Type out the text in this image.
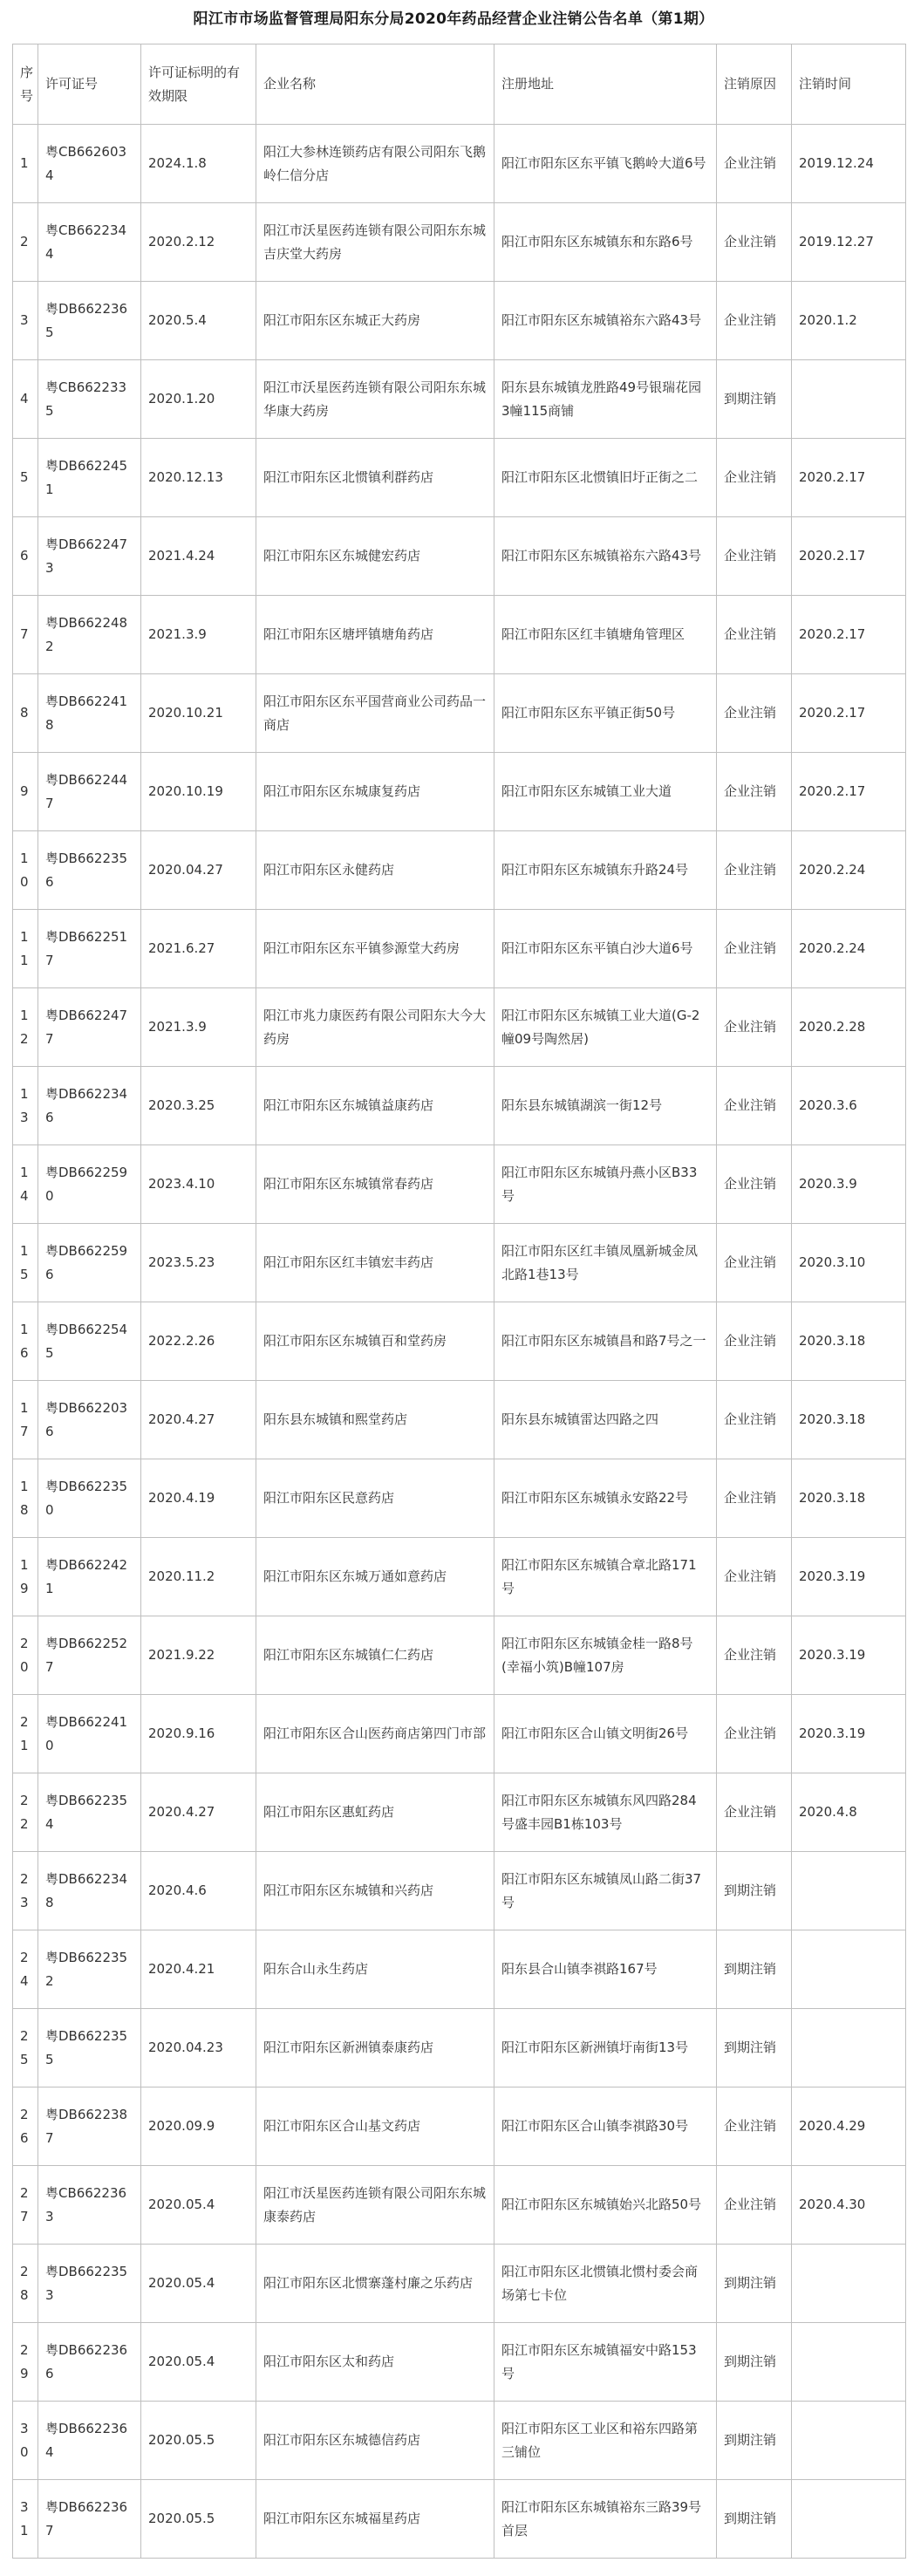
阳江市市场监督管理局阳东分局2020年药品经营企业注销公告名单（第1期）
序号	许可证号	许可证标明的有效期限	企业名称	注册地址	注销原因	注销时间
1	粤CB6626034	2024.1.8	阳江大参林连锁药店有限公司阳东飞鹅岭仁信分店	阳江市阳东区东平镇飞鹅岭大道6号	企业注销	2019.12.24
2	粤CB6622344	2020.2.12	阳江市沃星医药连锁有限公司阳东东城吉庆堂大药房	阳江市阳东区东城镇东和东路6号	企业注销	2019.12.27
3	粤DB6622365	2020.5.4	阳江市阳东区东城正大药房	阳江市阳东区东城镇裕东六路43号	企业注销	2020.1.2
4	粤CB6622335	2020.1.20	阳江市沃星医药连锁有限公司阳东东城华康大药房	阳东县东城镇龙胜路49号银瑞花园3幢115商铺	到期注销	
5	粤DB6622451	2020.12.13	阳江市阳东区北惯镇利群药店	阳江市阳东区北惯镇旧圩正街之二	企业注销	2020.2.17
6	粤DB6622473	2021.4.24	阳江市阳东区东城健宏药店	阳江市阳东区东城镇裕东六路43号	企业注销	2020.2.17
7	粤DB6622482	2021.3.9	阳江市阳东区塘坪镇塘角药店	阳江市阳东区红丰镇塘角管理区	企业注销	2020.2.17
8	粤DB6622418	2020.10.21	阳江市阳东区东平国营商业公司药品一商店	阳江市阳东区东平镇正街50号	企业注销	2020.2.17
9	粤DB6622447	2020.10.19	阳江市阳东区东城康复药店	阳江市阳东区东城镇工业大道	企业注销	2020.2.17
10	粤DB6622356	2020.04.27	阳江市阳东区永健药店	阳江市阳东区东城镇东升路24号	企业注销	2020.2.24
11	粤DB6622517	2021.6.27	阳江市阳东区东平镇参源堂大药房	阳江市阳东区东平镇白沙大道6号	企业注销	2020.2.24
12	粤DB6622477	2021.3.9	阳江市兆力康医药有限公司阳东大今大药房	阳江市阳东区东城镇工业大道(G-2幢09号陶然居)	企业注销	2020.2.28
13	粤DB6622346	2020.3.25	阳江市阳东区东城镇益康药店	阳东县东城镇湖滨一街12号	企业注销	2020.3.6
14	粤DB6622590	2023.4.10	阳江市阳东区东城镇常春药店	阳江市阳东区东城镇丹燕小区B33号	企业注销	2020.3.9
15	粤DB6622596	2023.5.23	阳江市阳东区红丰镇宏丰药店	阳江市阳东区红丰镇凤凰新城金凤北路1巷13号	企业注销	2020.3.10
16	粤DB6622545	2022.2.26	阳江市阳东区东城镇百和堂药房	阳江市阳东区东城镇昌和路7号之一	企业注销	2020.3.18
17	粤DB6622036	2020.4.27	阳东县东城镇和熙堂药店	阳东县东城镇雷达四路之四	企业注销	2020.3.18
18	粤DB6622350	2020.4.19	阳江市阳东区民意药店	阳江市阳东区东城镇永安路22号	企业注销	2020.3.18
19	粤DB6622421	2020.11.2	阳江市阳东区东城万通如意药店	阳江市阳东区东城镇合章北路171号	企业注销	2020.3.19
20	粤DB6622527	2021.9.22	阳江市阳东区东城镇仁仁药店	阳江市阳东区东城镇金桂一路8号(幸福小筑)B幢107房	企业注销	2020.3.19
21	粤DB6622410	2020.9.16	阳江市阳东区合山医药商店第四门市部	阳江市阳东区合山镇文明街26号	企业注销	2020.3.19
22	粤DB6622354	2020.4.27	阳江市阳东区惠虹药店	阳江市阳东区东城镇东风四路284号盛丰园B1栋103号	企业注销	2020.4.8
23	粤DB6622348	2020.4.6	阳江市阳东区东城镇和兴药店	阳江市阳东区东城镇凤山路二街37号	到期注销	
24	粤DB6622352	2020.4.21	阳东合山永生药店	阳东县合山镇李祺路167号	到期注销	
25	粤DB6622355	2020.04.23	阳江市阳东区新洲镇泰康药店	阳江市阳东区新洲镇圩南街13号	到期注销	
26	粤DB6622387	2020.09.9	阳江市阳东区合山基文药店	阳江市阳东区合山镇李祺路30号	企业注销	2020.4.29
27	粤CB6622363	2020.05.4	阳江市沃星医药连锁有限公司阳东东城康泰药店	阳江市阳东区东城镇始兴北路50号	企业注销	2020.4.30
28	粤DB6622353	2020.05.4	阳江市阳东区北惯寨蓬村廉之乐药店	阳江市阳东区北惯镇北惯村委会商场第七卡位	到期注销	
29	粤DB6622366	2020.05.4	阳江市阳东区太和药店	阳江市阳东区东城镇福安中路153号	到期注销	
30	粤DB6622364	2020.05.5	阳江市阳东区东城德信药店	阳江市阳东区工业区和裕东四路第三铺位	到期注销	
31	粤DB6622367	2020.05.5	阳江市阳东区东城福星药店	阳江市阳东区东城镇裕东三路39号首层	到期注销	
